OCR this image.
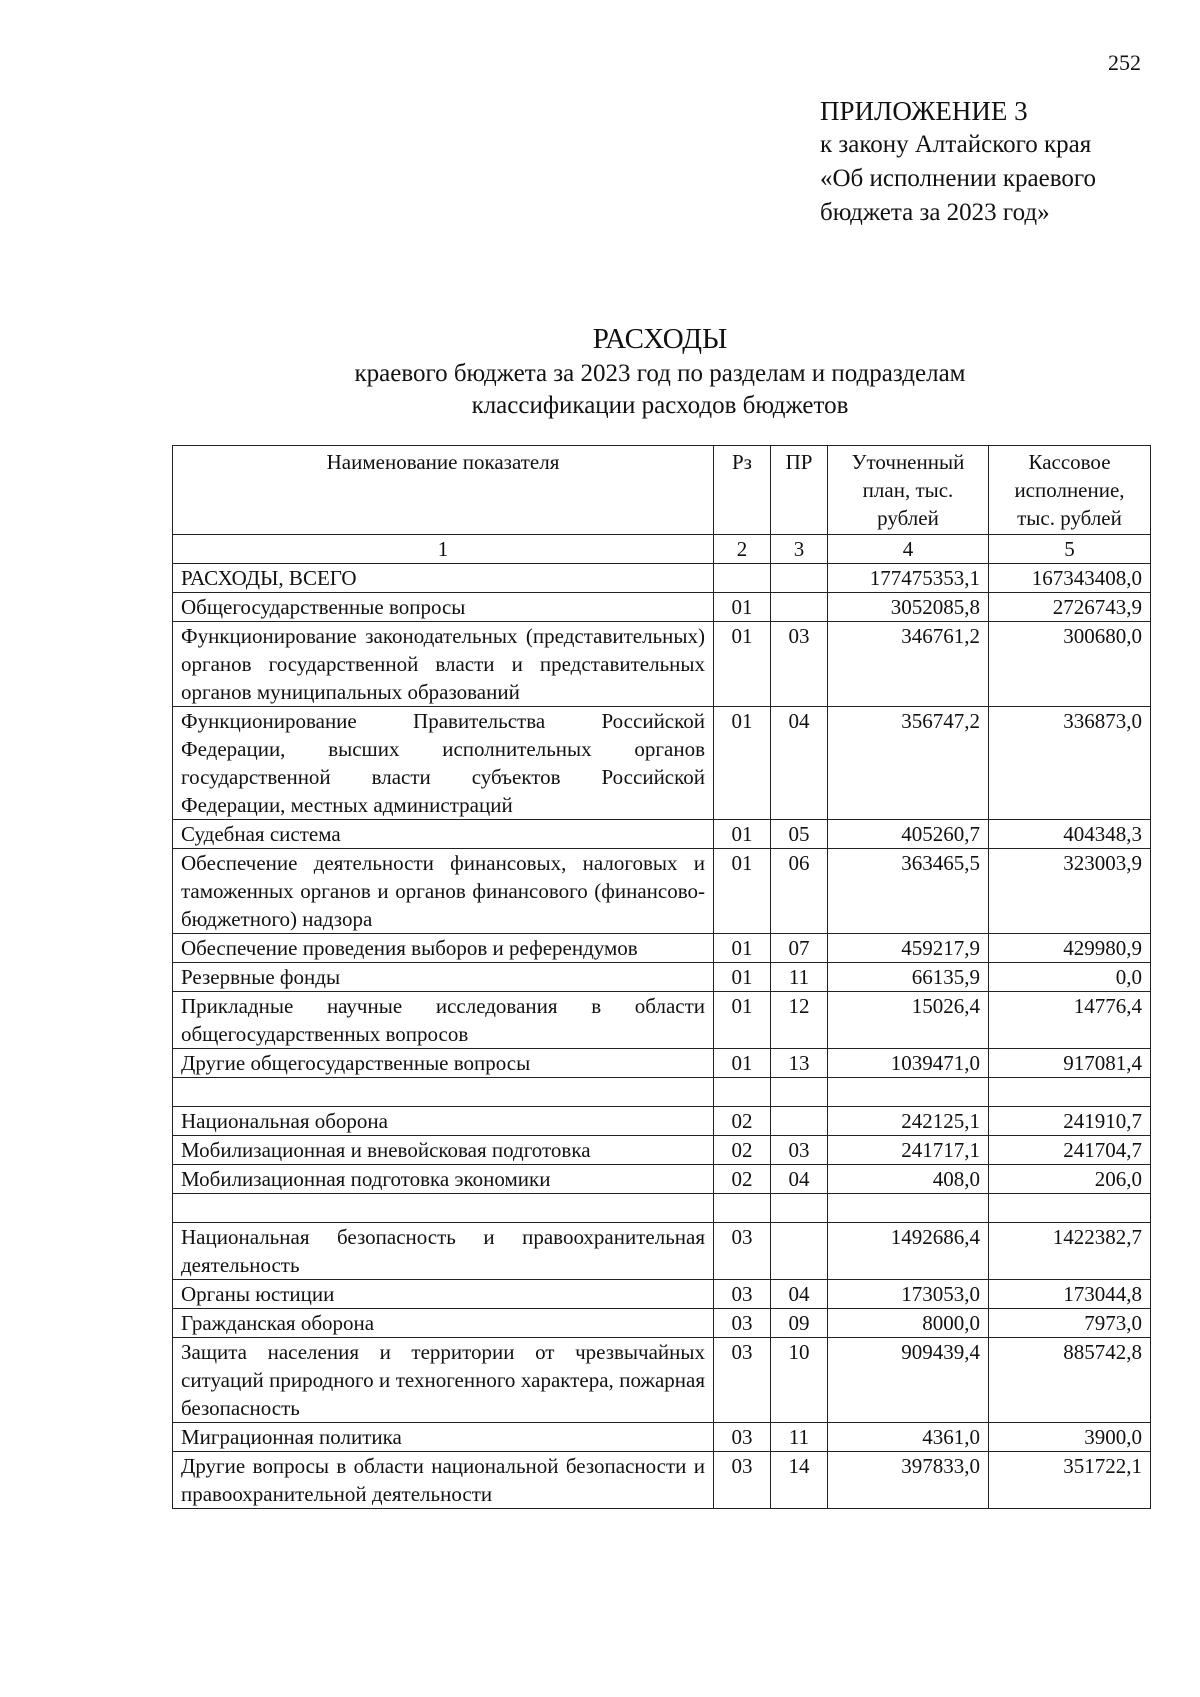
252
ПРИЛОЖЕНИЕ 3
к закону Алтайского края
«Об исполнении краевого
бюджета за 2023 год»
РАСХОДЫ
краевого бюджета за 2023 год по разделам и подразделам
классификации расходов бюджетов
Наименование показателя	Рз	ПР	Уточненный план, тыс. рублей	Кассовое исполнение, тыс. рублей
1	2	3	4	5
РАСХОДЫ, ВСЕГО			177475353,1	167343408,0
Общегосударственные вопросы	01		3052085,8	2726743,9
Функционирование законодательных (представительных) органов государственной власти и представительных органов муниципальных образований	01	03	346761,2	300680,0
Функционирование Правительства Российской Федерации, высших исполнительных органов государственной власти субъектов Российской Федерации, местных администраций	01	04	356747,2	336873,0
Судебная система	01	05	405260,7	404348,3
Обеспечение деятельности финансовых, налоговых и таможенных органов и органов финансового (финансово-бюджетного) надзора	01	06	363465,5	323003,9
Обеспечение проведения выборов и референдумов	01	07	459217,9	429980,9
Резервные фонды	01	11	66135,9	0,0
Прикладные научные исследования в области общегосударственных вопросов	01	12	15026,4	14776,4
Другие общегосударственные вопросы	01	13	1039471,0	917081,4

Национальная оборона	02		242125,1	241910,7
Мобилизационная и вневойсковая подготовка	02	03	241717,1	241704,7
Мобилизационная подготовка экономики	02	04	408,0	206,0

Национальная безопасность и правоохранительная деятельность	03		1492686,4	1422382,7
Органы юстиции	03	04	173053,0	173044,8
Гражданская оборона	03	09	8000,0	7973,0
Защита населения и территории от чрезвычайных ситуаций природного и техногенного характера, пожарная безопасность	03	10	909439,4	885742,8
Миграционная политика	03	11	4361,0	3900,0
Другие вопросы в области национальной безопасности и правоохранительной деятельности	03	14	397833,0	351722,1
